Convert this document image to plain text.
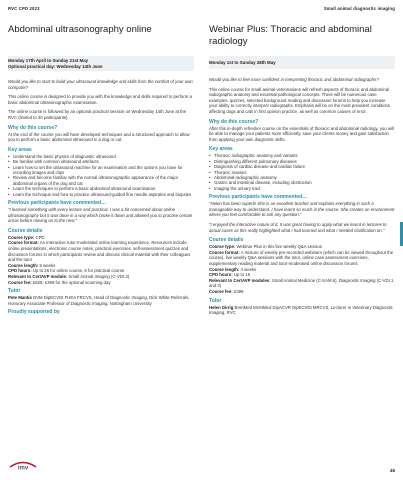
RVC CPD 2023	Small animal diagnostic imaging
Abdominal ultrasonography online
Monday 17th April to Sunday 21st May
Optional practical day: Wednesday 14th June
Would you like to start to build your ultrasound knowledge and skills from the comfort of your own computer?

This online course is designed to provide you with the knowledge and skills required to perform a basic abdominal ultrasonographic examination.

The online course is followed by an optional practical session on Wednesday 14th June at the RVC (limited to 20 participants).

Why do this course?

At the end of the course you will have developed techniques and a structured approach to allow you to perform a basic abdominal ultrasound in a dog or cat.

Key areas
• Understand the basic physics of diagnostic ultrasound
• Be familiar with common ultrasound artefacts
• Learn how to set the ultrasound machine for an examination and the options you have for recording images and clips
• Review and become familiar with the normal ultrasonographic appearance of the major abdominal organs of the dog and cat
• Learn the techniques to perform a basic abdominal ultrasound examination
• Learn the technique and how to practice ultrasound-guided fine needle aspirates and biopsies
Previous participants have commented…
"I learned something with every lecture and practical. I was a bit concerned about online ultrasonography but it was done in a way which broke it down and allowed you to practise certain areas before moving on to the next."
Course details
Course type: CPD
Course format: An interactive tutor-moderated online learning experience. Resources include online presentations, electronic course notes, practical exercises, self-assessment quizzes and discussion forums in which participants review and discuss clinical material with their colleagues and the tutor
Course length: 5 weeks
CPD hours: Up to 26 for online course, 8 for practical course
Relevant to CertAVP module: Small Animal Imaging (C-VDI.3)
Course fee: £829; £399 for the optional scanning day
Tutor
Pete Mantis DVM DipECVDI FHEA FRCVS, Head of Diagnostic Imaging, Dick White Referrals, Honorary Associate Professor of Diagnostic Imaging, Nottingham University
Proudly supported by
imv
Webinar Plus: Thoracic and abdominal radiology
Monday 1st to Sunday 28th May
Would you like to feel more confident in interpreting thoracic and abdominal radiographs?

This online course for small animal veterinarians will refresh aspects of thoracic and abdominal radiographic anatomy and essential pathological concepts. There will be numerous case examples, quizzes, selected background reading and discussion forums to help you increase your ability to correctly interpret radiographs. Emphasis will be on the most prevalent conditions affecting dogs and cats in first opinion practice, as well as common causes of error.

Why do this course?

After this in-depth refresher course on the essentials of thoracic and abdominal radiology, you will be able to manage your patients more efficiently, save your clients money and gain satisfaction from applying your own diagnostic skills.

Key areas
• Thoracic radiographic anatomy and variants
• Distinguishing different pulmonary diseases
• Diagnosis of cardiac disease and cardiac failure
• Thoracic masses
• Abdominal radiographic anatomy
• Gastric and intestinal disease, including obstruction
• Imaging the urinary tract
Previous participants have commented…
"Helen has been superb! She is an excellent teacher and explains everything in such a manageable way to understand. I have learnt so much in the course. She creates an environment where you feel comfortable to ask any question."
"I enjoyed the interactive nature of it. It was great having to apply what we learnt in lectures to actual cases as this really highlighted what I had learned and what I needed clarification on."
Course details
Course type: Webinar Plus in this live weekly Q&A session
Course format: A mixture of weekly pre-recorded webinars (which can be viewed throughout the course), live weekly Q&A sessions with the tutor, online case assessment exercises, supplementary reading material and tutor-moderated online discussion forums
Course length: 4 weeks
CPD hours: Up to 16
Relevant to CertAVP modules: Small Animal Medicine (C-SAM.6), Diagnostic Imaging (C-VDI.1 and 3)
Course fee: £399
Tutor
Helen Dirrig BVetMed MVetMed DipACVR DipECVDI MRCVS, Lecturer in Veterinary Diagnostic Imaging, RVC
45
